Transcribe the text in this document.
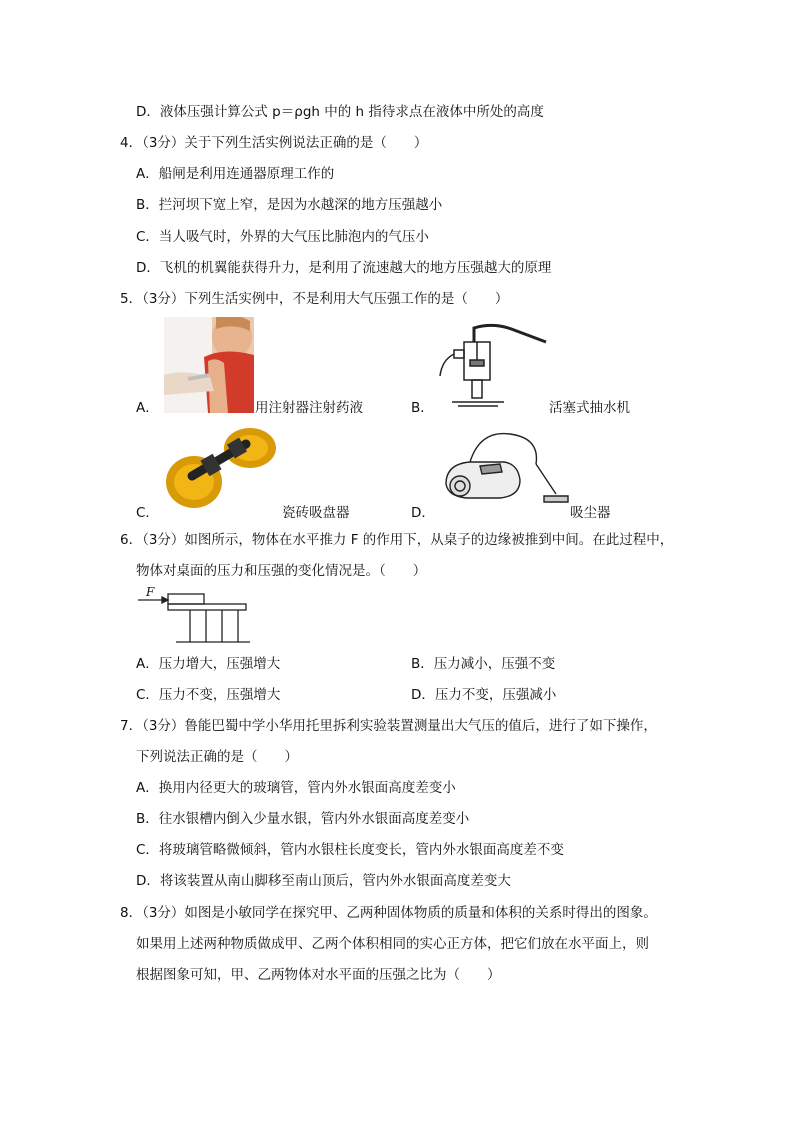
D．液体压强计算公式 p＝ρgh 中的 h 指待求点在液体中所处的高度
4．（3分）关于下列生活实例说法正确的是（　　）
A．船闸是利用连通器原理工作的
B．拦河坝下宽上窄，是因为水越深的地方压强越小
C．当人吸气时，外界的大气压比肺泡内的气压小
D．飞机的机翼能获得升力，是利用了流速越大的地方压强越大的原理
5．（3分）下列生活实例中，不是利用大气压强工作的是（　　）
A．	用注射器注射药液	B．	活塞式抽水机
C．	瓷砖吸盘器	D．	吸尘器
6．（3分）如图所示，物体在水平推力 F 的作用下，从桌子的边缘被推到中间。在此过程中，
物体对桌面的压力和压强的变化情况是。（　　）
F
A．压力增大，压强增大	B．压力减小，压强不变
C．压力不变，压强增大	D．压力不变，压强减小
7．（3分）鲁能巴蜀中学小华用托里拆利实验装置测量出大气压的值后，进行了如下操作，
下列说法正确的是（　　）
A．换用内径更大的玻璃管，管内外水银面高度差变小
B．往水银槽内倒入少量水银，管内外水银面高度差变小
C．将玻璃管略微倾斜，管内水银柱长度变长，管内外水银面高度差不变
D．将该装置从南山脚移至南山顶后，管内外水银面高度差变大
8．（3分）如图是小敏同学在探究甲、乙两种固体物质的质量和体积的关系时得出的图象。
如果用上述两种物质做成甲、乙两个体积相同的实心正方体，把它们放在水平面上，则
根据图象可知，甲、乙两物体对水平面的压强之比为（　　）
